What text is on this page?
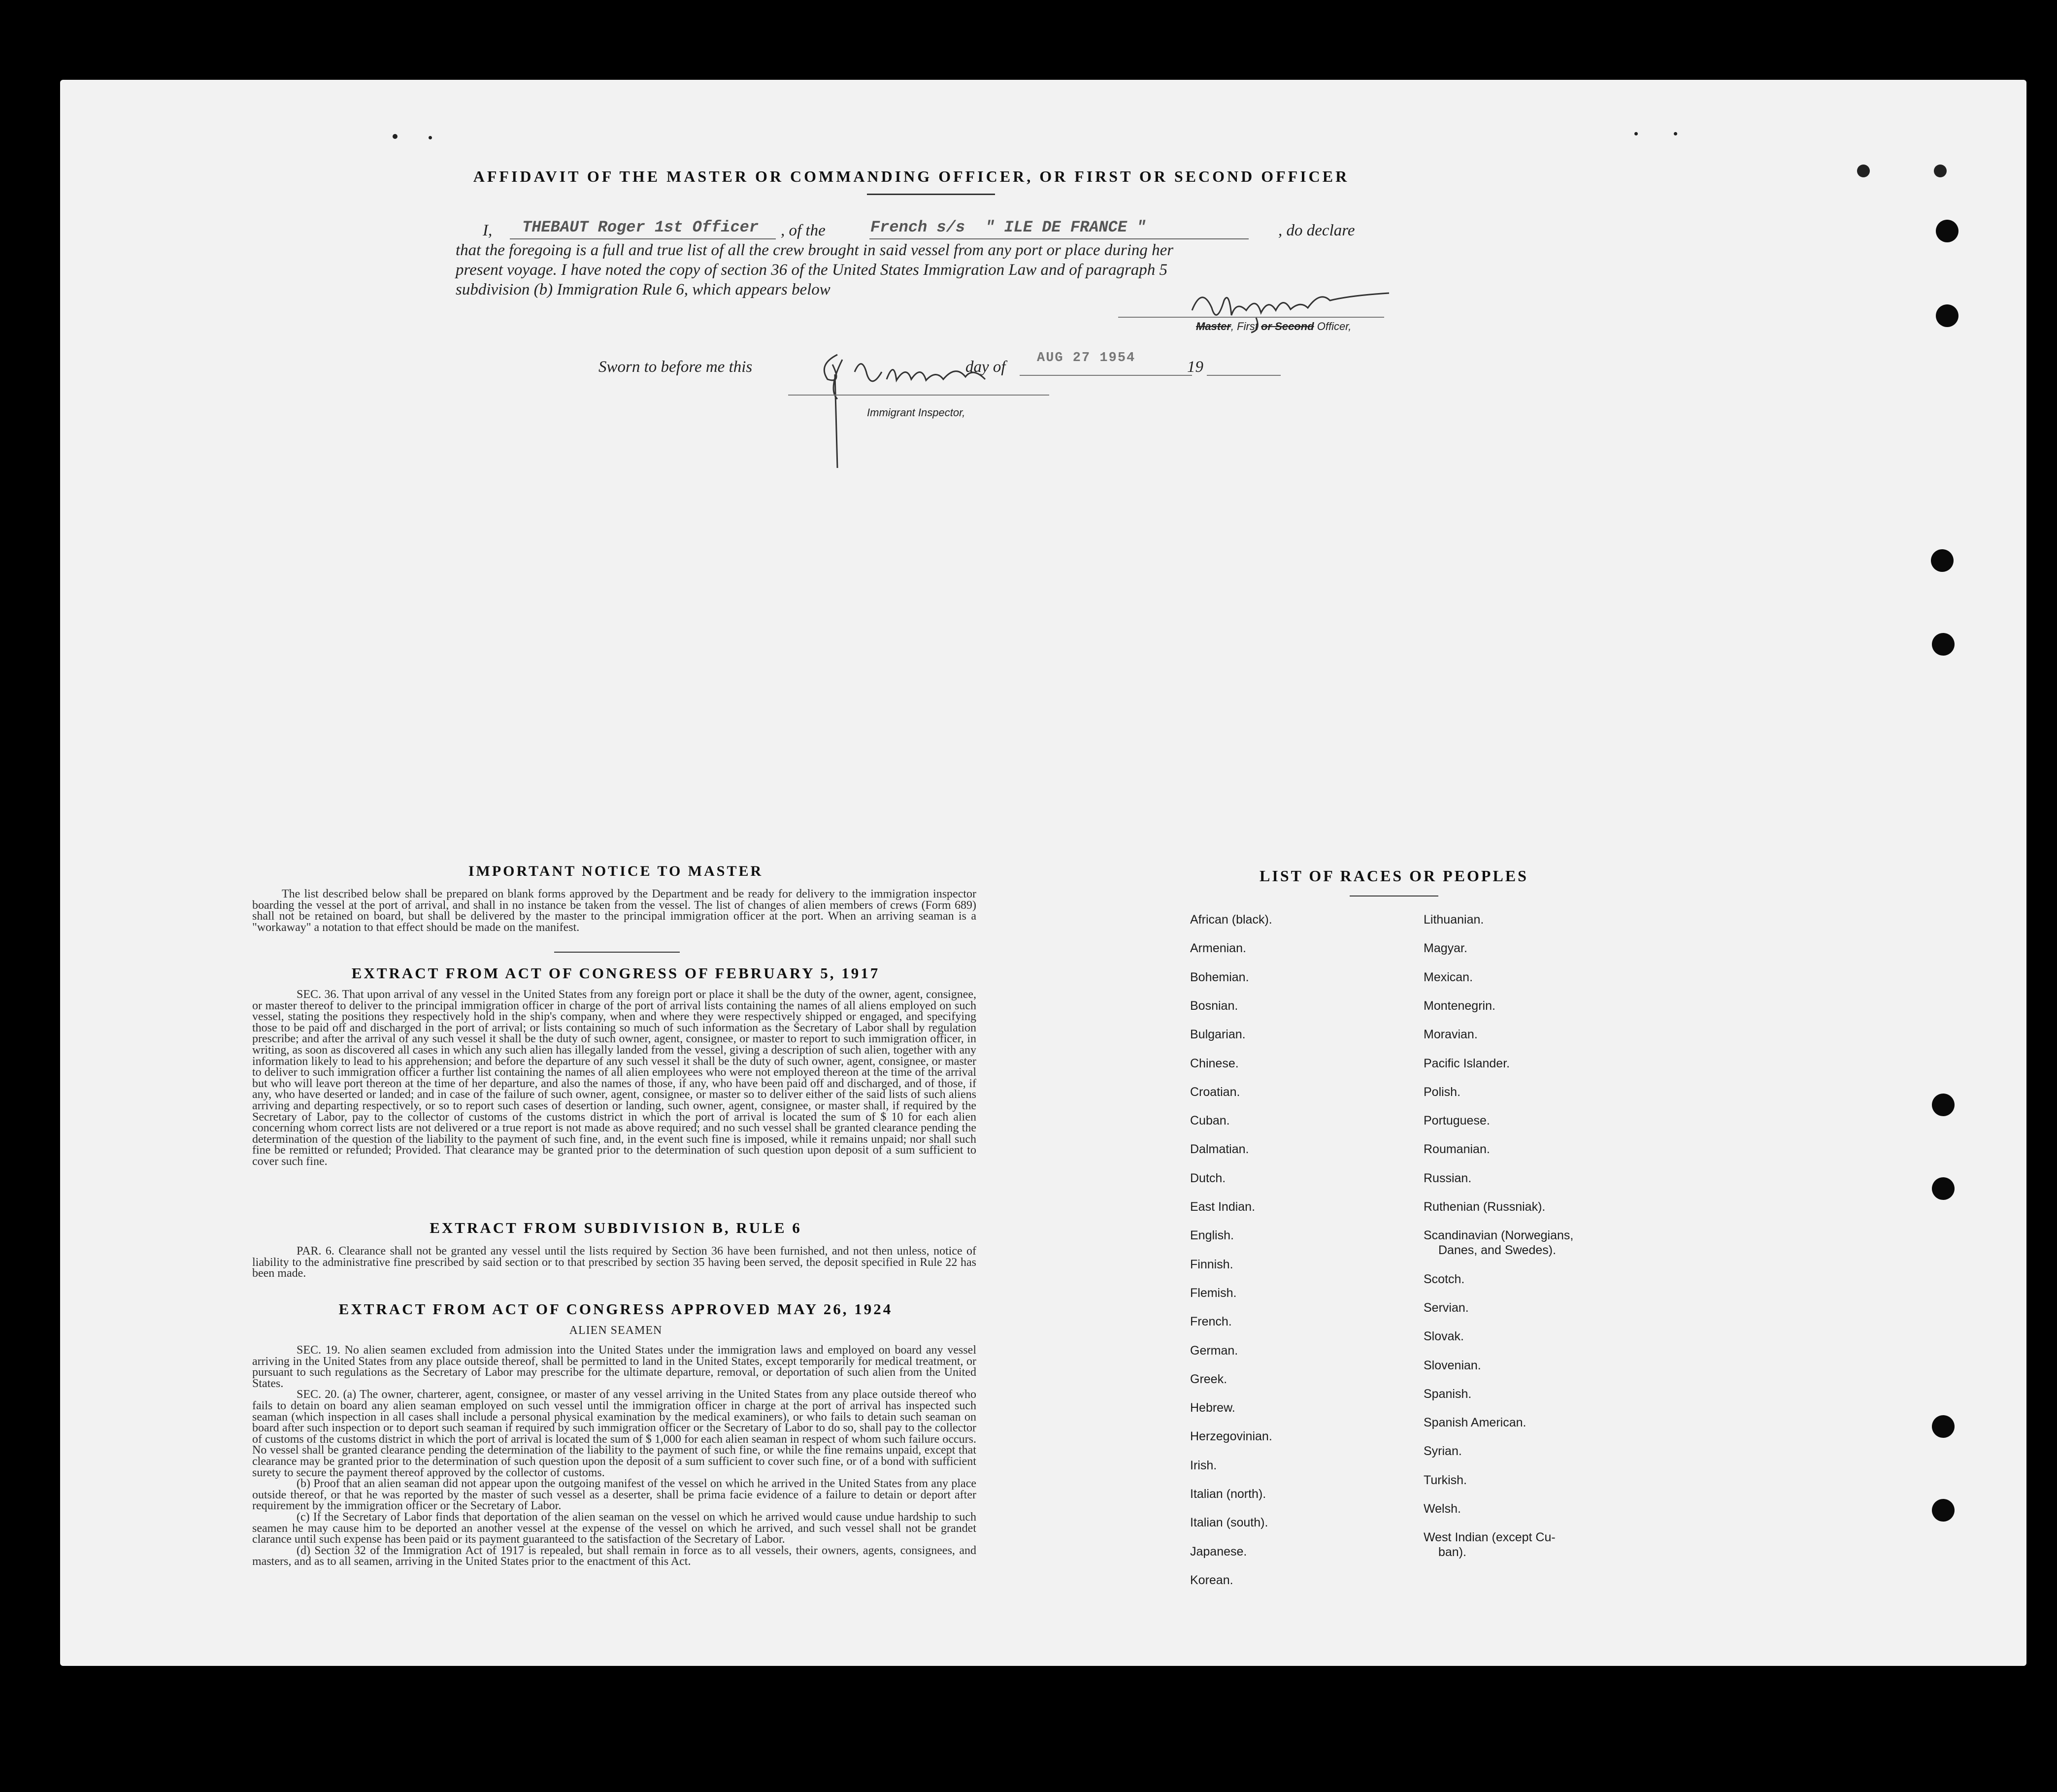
AFFIDAVIT OF THE MASTER OR COMMANDING OFFICER, OR FIRST OR SECOND OFFICER
I, THEBAUT Roger 1st Officer , of the	French s/s " ILE DE FRANCE "	, do declare
that the foregoing is a full and true list of all the crew brought in said vessel from any port or place during her
present voyage. I have noted the copy of section 36 of the United States Immigration Law and of paragraph 5
subdivision (b) Immigration Rule 6, which appears below
Master, First or Second Officer,
Sworn to before me this	day of AUG 27 1954	19
Immigrant Inspector,
IMPORTANT NOTICE TO MASTER
The list described below shall be prepared on blank forms approved by the Department and be ready for delivery to the immigration inspector boarding the vessel at the port of arrival, and shall in no instance be taken from the vessel. The list of changes of alien members of crews (Form 689) shall not be retained on board, but shall be delivered by the master to the principal immigration officer at the port. When an arriving seaman is a "workaway" a notation to that effect should be made on the manifest.
EXTRACT FROM ACT OF CONGRESS OF FEBRUARY 5, 1917
SEC. 36. That upon arrival of any vessel in the United States from any foreign port or place it shall be the duty of the owner, agent, consignee, or master thereof to deliver to the principal immigration officer in charge of the port of arrival lists containing the names of all aliens employed on such vessel, stating the positions they respectively hold in the ship's company, when and where they were respectively shipped or engaged, and specifying those to be paid off and discharged in the port of arrival; or lists containing so much of such information as the Secretary of Labor shall by regulation prescribe; and after the arrival of any such vessel it shall be the duty of such owner, agent, consignee, or master to report to such immigration officer, in writing, as soon as discovered all cases in which any such alien has illegally landed from the vessel, giving a description of such alien, together with any information likely to lead to his apprehension; and before the departure of any such vessel it shall be the duty of such owner, agent, consignee, or master to deliver to such immigration officer a further list containing the names of all alien employees who were not employed thereon at the time of the arrival but who will leave port thereon at the time of her departure, and also the names of those, if any, who have been paid off and discharged, and of those, if any, who have deserted or landed; and in case of the failure of such owner, agent, consignee, or master so to deliver either of the said lists of such aliens arriving and departing respectively, or so to report such cases of desertion or landing, such owner, agent, consignee, or master shall, if required by the Secretary of Labor, pay to the collector of customs of the customs district in which the port of arrival is located the sum of $ 10 for each alien concerning whom correct lists are not delivered or a true report is not made as above required; and no such vessel shall be granted clearance pending the determination of the question of the liability to the payment of such fine, and, in the event such fine is imposed, while it remains unpaid; nor shall such fine be remitted or refunded; Provided. That clearance may be granted prior to the determination of such question upon deposit of a sum sufficient to cover such fine.
EXTRACT FROM SUBDIVISION B, RULE 6
PAR. 6. Clearance shall not be granted any vessel until the lists required by Section 36 have been furnished, and not then unless, notice of liability to the administrative fine prescribed by said section or to that prescribed by section 35 having been served, the deposit specified in Rule 22 has been made.
EXTRACT FROM ACT OF CONGRESS APPROVED MAY 26, 1924
ALIEN SEAMEN
SEC. 19. No alien seamen excluded from admission into the United States under the immigration laws and employed on board any vessel arriving in the United States from any place outside thereof, shall be permitted to land in the United States, except temporarily for medical treatment, or pursuant to such regulations as the Secretary of Labor may prescribe for the ultimate departure, removal, or deportation of such alien from the United States.
SEC. 20. (a) The owner, charterer, agent, consignee, or master of any vessel arriving in the United States from any place outside thereof who fails to detain on board any alien seaman employed on such vessel until the immigration officer in charge at the port of arrival has inspected such seaman (which inspection in all cases shall include a personal physical examination by the medical examiners), or who fails to detain such seaman on board after such inspection or to deport such seaman if required by such immigration officer or the Secretary of Labor to do so, shall pay to the collector of customs of the customs district in which the port of arrival is located the sum of $ 1,000 for each alien seaman in respect of whom such failure occurs. No vessel shall be granted clearance pending the determination of the liability to the payment of such fine, or while the fine remains unpaid, except that clearance may be granted prior to the determination of such question upon the deposit of a sum sufficient to cover such fine, or of a bond with sufficient surety to secure the payment thereof approved by the collector of customs.
(b) Proof that an alien seaman did not appear upon the outgoing manifest of the vessel on which he arrived in the United States from any place outside thereof, or that he was reported by the master of such vessel as a deserter, shall be prima facie evidence of a failure to detain or deport after requirement by the immigration officer or the Secretary of Labor.
(c) If the Secretary of Labor finds that deportation of the alien seaman on the vessel on which he arrived would cause undue hardship to such seamen he may cause him to be deported an another vessel at the expense of the vessel on which he arrived, and such vessel shall not be grandet clarance until such expense has been paid or its payment guaranteed to the satisfaction of the Secretary of Labor.
(d) Section 32 of the Immigration Act of 1917 is repealed, but shall remain in force as to all vessels, their owners, agents, consignees, and masters, and as to all seamen, arriving in the United States prior to the enactment of this Act.
LIST OF RACES OR PEOPLES
African (black).
Armenian.
Bohemian.
Bosnian.
Bulgarian.
Chinese.
Croatian.
Cuban.
Dalmatian.
Dutch.
East Indian.
English.
Finnish.
Flemish.
French.
German.
Greek.
Hebrew.
Herzegovinian.
Irish.
Italian (north).
Italian (south).
Japanese.
Korean.
Lithuanian.
Magyar.
Mexican.
Montenegrin.
Moravian.
Pacific Islander.
Polish.
Portuguese.
Roumanian.
Russian.
Ruthenian (Russniak).
Scandinavian (Norwegians,
Danes, and Swedes).
Scotch.
Servian.
Slovak.
Slovenian.
Spanish.
Spanish American.
Syrian.
Turkish.
Welsh.
West Indian (except Cu-
ban).
